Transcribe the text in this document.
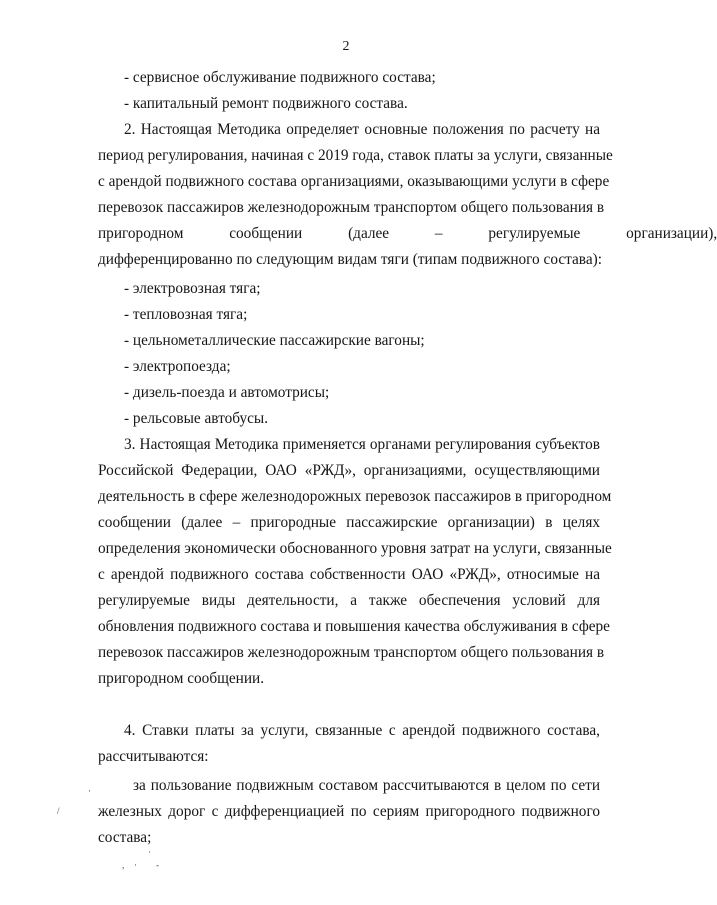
2
- сервисное обслуживание подвижного состава;
- капитальный ремонт подвижного состава.
2. Настоящая Методика определяет основные положения по расчету на
период регулирования, начиная с 2019 года, ставок платы за услуги, связанные
с арендой подвижного состава организациями, оказывающими услуги в сфере
перевозок пассажиров железнодорожным транспортом общего пользования в
пригородном сообщении (далее – регулируемые организации),
дифференцированно по следующим видам тяги (типам подвижного состава):
- электровозная тяга;
- тепловозная тяга;
- цельнометаллические пассажирские вагоны;
- электропоезда;
- дизель-поезда и автомотрисы;
- рельсовые автобусы.
3. Настоящая Методика применяется органами регулирования субъектов
Российской Федерации, ОАО «РЖД», организациями, осуществляющими
деятельность в сфере железнодорожных перевозок пассажиров в пригородном
сообщении (далее – пригородные пассажирские организации) в целях
определения экономически обоснованного уровня затрат на услуги, связанные
с арендой подвижного состава собственности ОАО «РЖД», относимые на
регулируемые виды деятельности, а также обеспечения условий для
обновления подвижного состава и повышения качества обслуживания в сфере
перевозок пассажиров железнодорожным транспортом общего пользования в
пригородном сообщении.
4. Ставки платы за услуги, связанные с арендой подвижного состава,
рассчитываются:
за пользование подвижным составом рассчитываются в целом по сети
железных дорог с дифференциацией по сериям пригородного подвижного
состава;
·
/
·
, · -
